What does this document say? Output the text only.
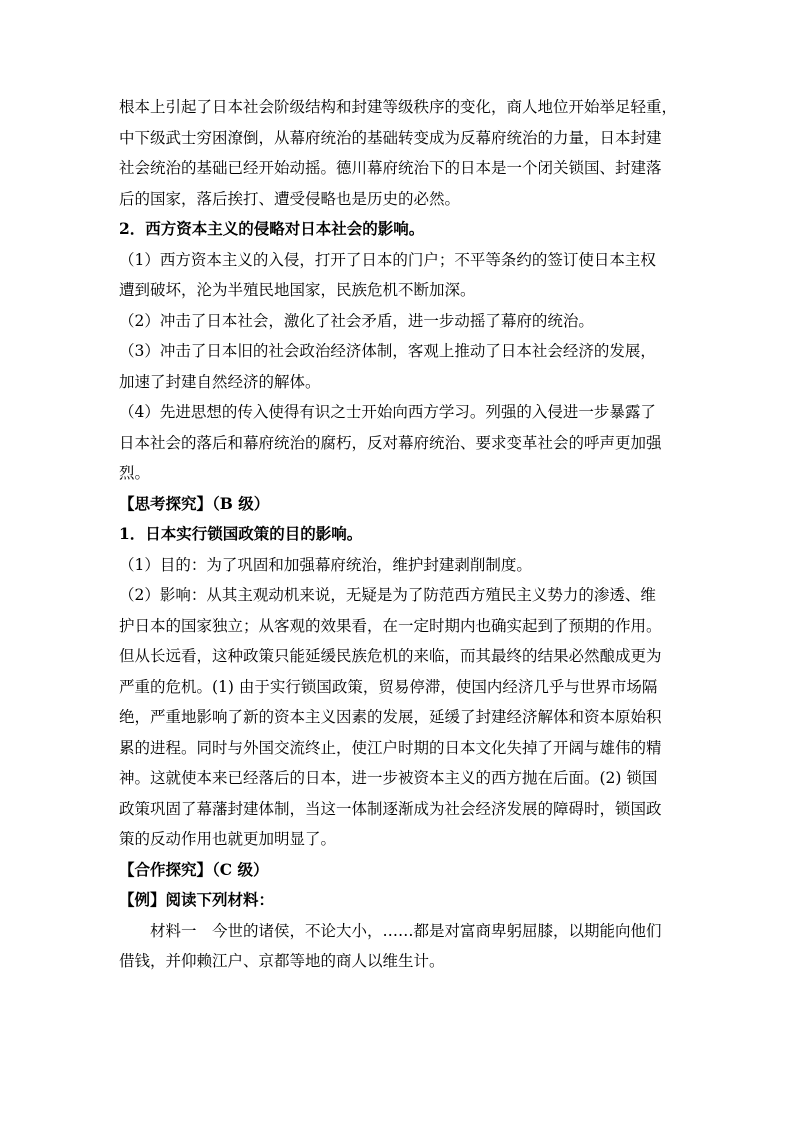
根本上引起了日本社会阶级结构和封建等级秩序的变化，商人地位开始举足轻重，
中下级武士穷困潦倒，从幕府统治的基础转变成为反幕府统治的力量，日本封建
社会统治的基础已经开始动摇。德川幕府统治下的日本是一个闭关锁国、封建落
后的国家，落后挨打、遭受侵略也是历史的必然。
2．西方资本主义的侵略对日本社会的影响。
（1）西方资本主义的入侵，打开了日本的门户；不平等条约的签订使日本主权
遭到破坏，沦为半殖民地国家，民族危机不断加深。
（2）冲击了日本社会，激化了社会矛盾，进一步动摇了幕府的统治。
（3）冲击了日本旧的社会政治经济体制，客观上推动了日本社会经济的发展，
加速了封建自然经济的解体。
（4）先进思想的传入使得有识之士开始向西方学习。列强的入侵进一步暴露了
日本社会的落后和幕府统治的腐朽，反对幕府统治、要求变革社会的呼声更加强
烈。
【思考探究】（B 级）
1．日本实行锁国政策的目的影响。
（1）目的：为了巩固和加强幕府统治，维护封建剥削制度。
（2）影响：从其主观动机来说，无疑是为了防范西方殖民主义势力的渗透、维
护日本的国家独立；从客观的效果看，在一定时期内也确实起到了预期的作用。
但从长远看，这种政策只能延缓民族危机的来临，而其最终的结果必然酿成更为
严重的危机。(1) 由于实行锁国政策，贸易停滞，使国内经济几乎与世界市场隔
绝，严重地影响了新的资本主义因素的发展，延缓了封建经济解体和资本原始积
累的进程。同时与外国交流终止，使江户时期的日本文化失掉了开阔与雄伟的精
神。这就使本来已经落后的日本，进一步被资本主义的西方抛在后面。(2) 锁国
政策巩固了幕藩封建体制，当这一体制逐渐成为社会经济发展的障碍时，锁国政
策的反动作用也就更加明显了。
【合作探究】（C 级）
【例】阅读下列材料：
材料一　今世的诸侯，不论大小，……都是对富商卑躬屈膝，以期能向他们
借钱，并仰赖江户、京都等地的商人以维生计。
